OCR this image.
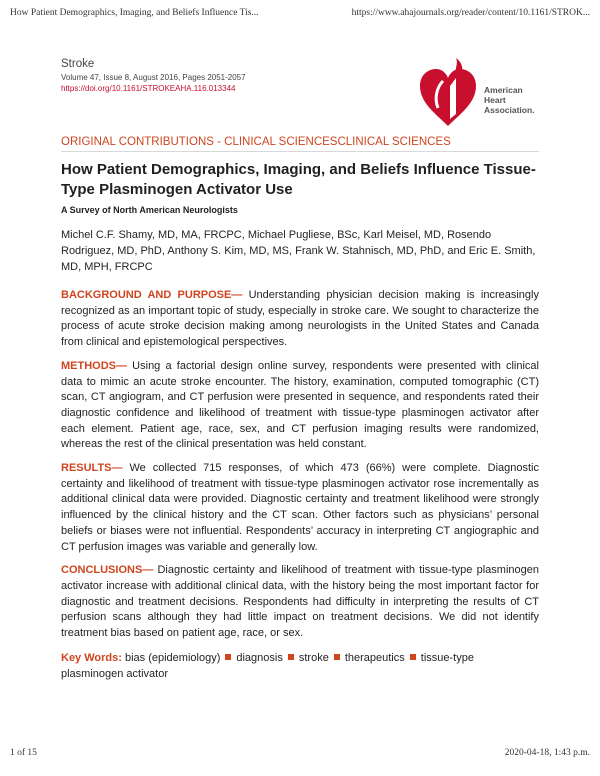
How Patient Demographics, Imaging, and Beliefs Influence Tis...	https://www.ahajournals.org/reader/content/10.1161/STROK...
Stroke
Volume 47, Issue 8, August 2016, Pages 2051-2057
https://doi.org/10.1161/STROKEAHA.116.013344	American
Heart
Association.
ORIGINAL CONTRIBUTIONS - CLINICAL SCIENCESCLINICAL SCIENCES
How Patient Demographics, Imaging, and Beliefs Influence Tissue-Type Plasminogen Activator Use
A Survey of North American Neurologists
Michel C.F. Shamy, MD, MA, FRCPC, Michael Pugliese, BSc, Karl Meisel, MD, Rosendo Rodriguez, MD, PhD, Anthony S. Kim, MD, MS, Frank W. Stahnisch, MD, PhD, and Eric E. Smith, MD, MPH, FRCPC

BACKGROUND AND PURPOSE— Understanding physician decision making is increasingly recognized as an important topic of study, especially in stroke care. We sought to characterize the process of acute stroke decision making among neurologists in the United States and Canada from clinical and epistemological perspectives.

METHODS— Using a factorial design online survey, respondents were presented with clinical data to mimic an acute stroke encounter. The history, examination, computed tomographic (CT) scan, CT angiogram, and CT perfusion were presented in sequence, and respondents rated their diagnostic confidence and likelihood of treatment with tissue-type plasminogen activator after each element. Patient age, race, sex, and CT perfusion imaging results were randomized, whereas the rest of the clinical presentation was held constant.

RESULTS— We collected 715 responses, of which 473 (66%) were complete. Diagnostic certainty and likelihood of treatment with tissue-type plasminogen activator rose incrementally as additional clinical data were provided. Diagnostic certainty and treatment likelihood were strongly influenced by the clinical history and the CT scan. Other factors such as physicians’ personal beliefs or biases were not influential. Respondents’ accuracy in interpreting CT angiographic and CT perfusion images was variable and generally low.

CONCLUSIONS— Diagnostic certainty and likelihood of treatment with tissue-type plasminogen activator increase with additional clinical data, with the history being the most important factor for diagnostic and treatment decisions. Respondents had difficulty in interpreting the results of CT perfusion scans although they had little impact on treatment decisions. We did not identify treatment bias based on patient age, race, or sex.

Key Words: bias (epidemiology) diagnosis stroke therapeutics tissue-type plasminogen activator

1 of 15	2020-04-18, 1:43 p.m.
